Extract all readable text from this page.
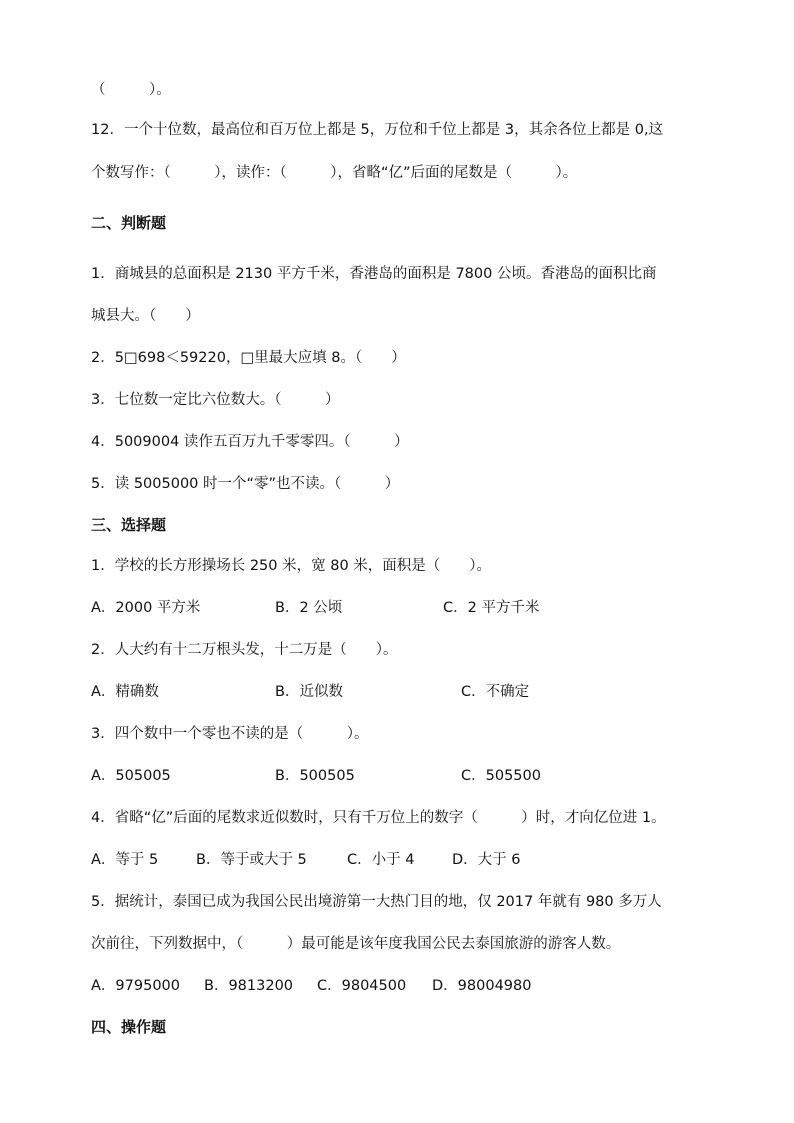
（　　　）。
12．一个十位数，最高位和百万位上都是 5，万位和千位上都是 3，其余各位上都是 0,这
个数写作：（　　　），读作：（　　　），省略“亿”后面的尾数是（　　　）。
二、判断题
1．商城县的总面积是 2130 平方千米，香港岛的面积是 7800 公顷。香港岛的面积比商
城县大。（　　）
2．5□698＜59220，□里最大应填 8。（　　）
3．七位数一定比六位数大。（　　　）
4．5009004 读作五百万九千零零四。（　　　）
5．读 5005000 时一个“零”也不读。（　　　）
三、选择题
1．学校的长方形操场长 250 米，宽 80 米，面积是（　　）。
A．2000 平方米	B．2 公顷	C．2 平方千米
2．人大约有十二万根头发，十二万是（　　）。
A．精确数	B．近似数	C．不确定
3．四个数中一个零也不读的是（　　　）。
A．505005	B．500505	C．505500
4．省略“亿”后面的尾数求近似数时，只有千万位上的数字（　　　）时，才向亿位进 1。
A．等于 5	B．等于或大于 5	C．小于 4	D．大于 6
5．据统计，泰国已成为我国公民出境游第一大热门目的地，仅 2017 年就有 980 多万人
次前往，下列数据中，（　　　）最可能是该年度我国公民去泰国旅游的游客人数。
A．9795000 B．9813200 C．9804500 D．98004980
四、操作题
